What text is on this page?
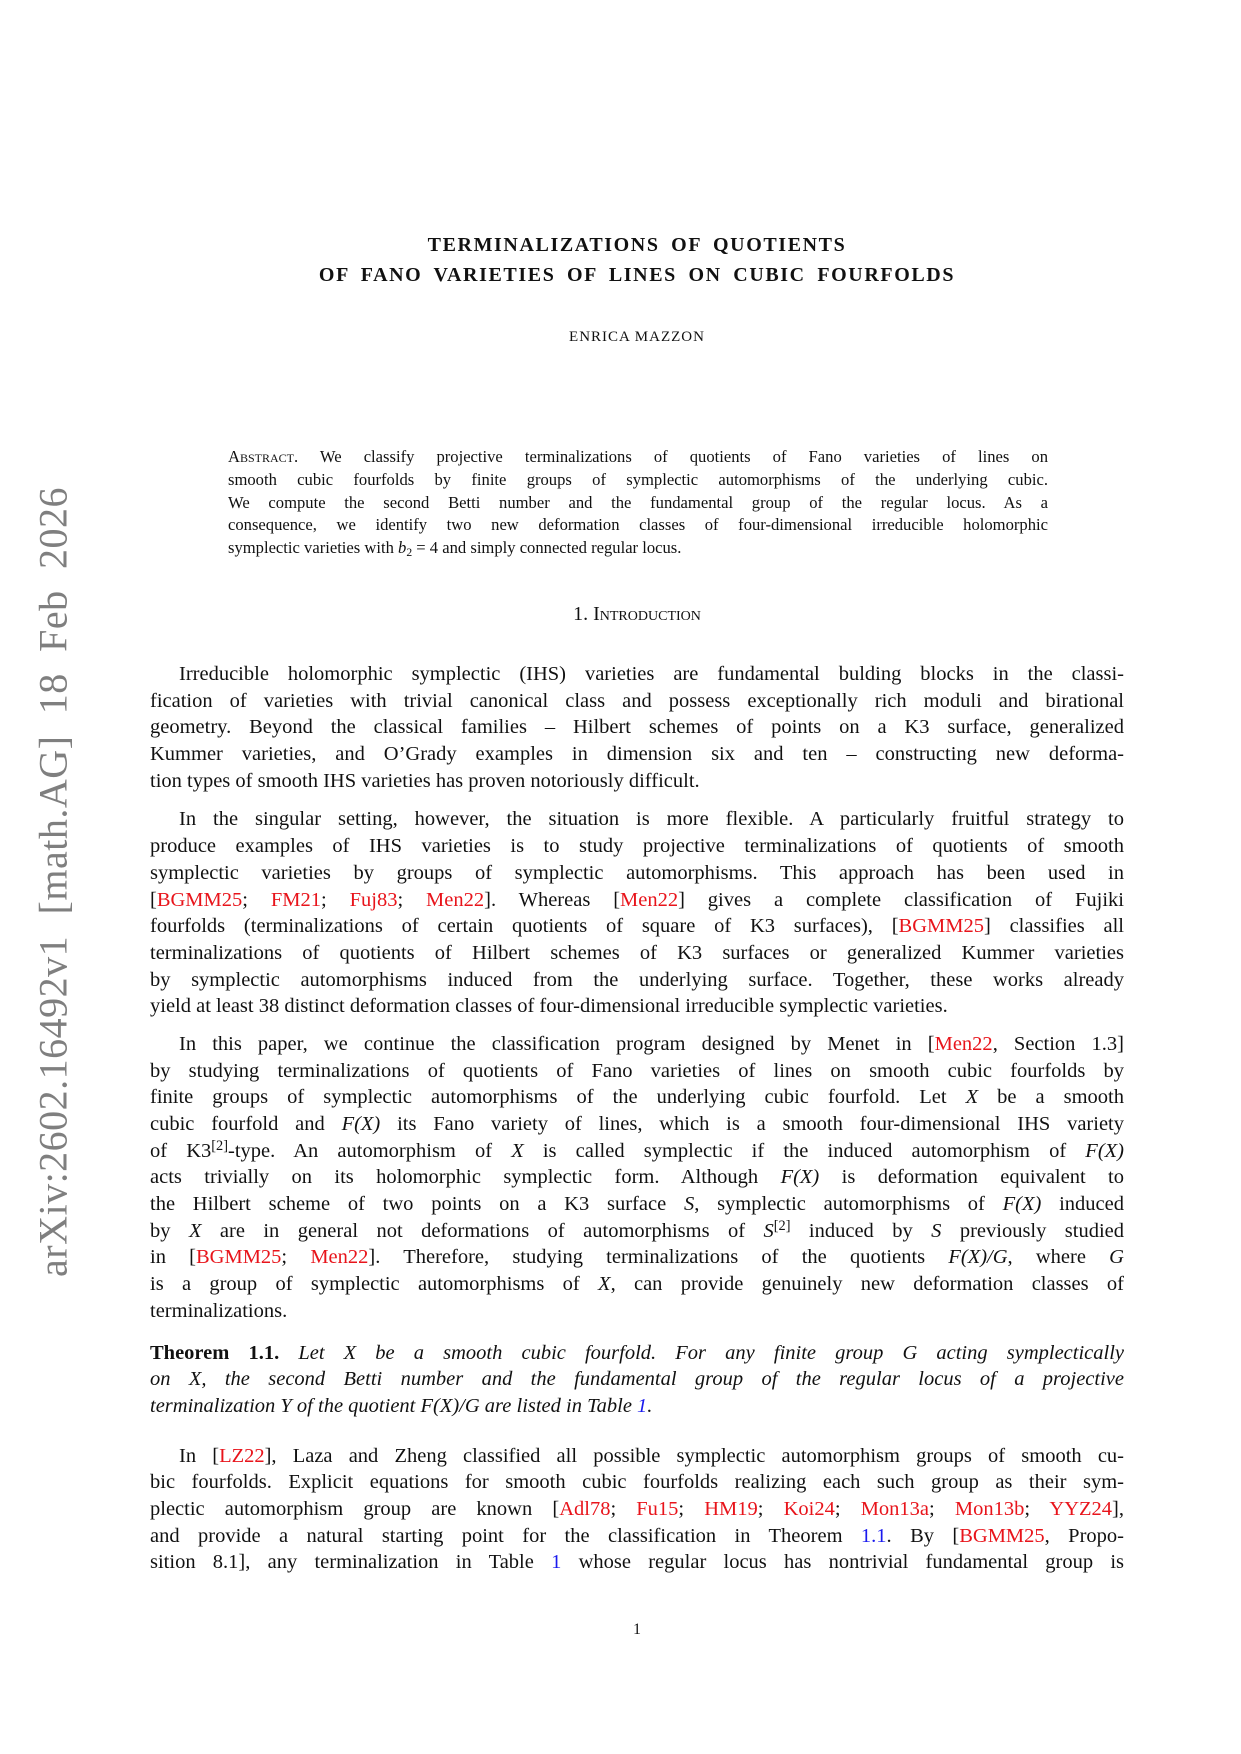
arXiv:2602.16492v1 [math.AG] 18 Feb 2026
TERMINALIZATIONS OF QUOTIENTS
OF FANO VARIETIES OF LINES ON CUBIC FOURFOLDS
ENRICA MAZZON
Abstract. We classify projective terminalizations of quotients of Fano varieties of lines on
smooth cubic fourfolds by finite groups of symplectic automorphisms of the underlying cubic.
We compute the second Betti number and the fundamental group of the regular locus. As a
consequence, we identify two new deformation classes of four-dimensional irreducible holomorphic
symplectic varieties with b2 = 4 and simply connected regular locus.
1. Introduction
Irreducible holomorphic symplectic (IHS) varieties are fundamental bulding blocks in the classi-
fication of varieties with trivial canonical class and possess exceptionally rich moduli and birational
geometry. Beyond the classical families – Hilbert schemes of points on a K3 surface, generalized
Kummer varieties, and O’Grady examples in dimension six and ten – constructing new deforma-
tion types of smooth IHS varieties has proven notoriously difficult.
In the singular setting, however, the situation is more flexible. A particularly fruitful strategy to
produce examples of IHS varieties is to study projective terminalizations of quotients of smooth
symplectic varieties by groups of symplectic automorphisms. This approach has been used in
[BGMM25; FM21; Fuj83; Men22]. Whereas [Men22] gives a complete classification of Fujiki
fourfolds (terminalizations of certain quotients of square of K3 surfaces), [BGMM25] classifies all
terminalizations of quotients of Hilbert schemes of K3 surfaces or generalized Kummer varieties
by symplectic automorphisms induced from the underlying surface. Together, these works already
yield at least 38 distinct deformation classes of four-dimensional irreducible symplectic varieties.
In this paper, we continue the classification program designed by Menet in [Men22, Section 1.3]
by studying terminalizations of quotients of Fano varieties of lines on smooth cubic fourfolds by
finite groups of symplectic automorphisms of the underlying cubic fourfold. Let X be a smooth
cubic fourfold and F(X) its Fano variety of lines, which is a smooth four-dimensional IHS variety
of K3[2]-type. An automorphism of X is called symplectic if the induced automorphism of F(X)
acts trivially on its holomorphic symplectic form. Although F(X) is deformation equivalent to
the Hilbert scheme of two points on a K3 surface S, symplectic automorphisms of F(X) induced
by X are in general not deformations of automorphisms of S[2] induced by S previously studied
in [BGMM25; Men22]. Therefore, studying terminalizations of the quotients F(X)/G, where G
is a group of symplectic automorphisms of X, can provide genuinely new deformation classes of
terminalizations.
Theorem 1.1. Let X be a smooth cubic fourfold. For any finite group G acting symplectically
on X, the second Betti number and the fundamental group of the regular locus of a projective
terminalization Y of the quotient F(X)/G are listed in Table 1.
In [LZ22], Laza and Zheng classified all possible symplectic automorphism groups of smooth cu-
bic fourfolds. Explicit equations for smooth cubic fourfolds realizing each such group as their sym-
plectic automorphism group are known [Adl78; Fu15; HM19; Koi24; Mon13a; Mon13b; YYZ24],
and provide a natural starting point for the classification in Theorem 1.1. By [BGMM25, Propo-
sition 8.1], any terminalization in Table 1 whose regular locus has nontrivial fundamental group is
1
